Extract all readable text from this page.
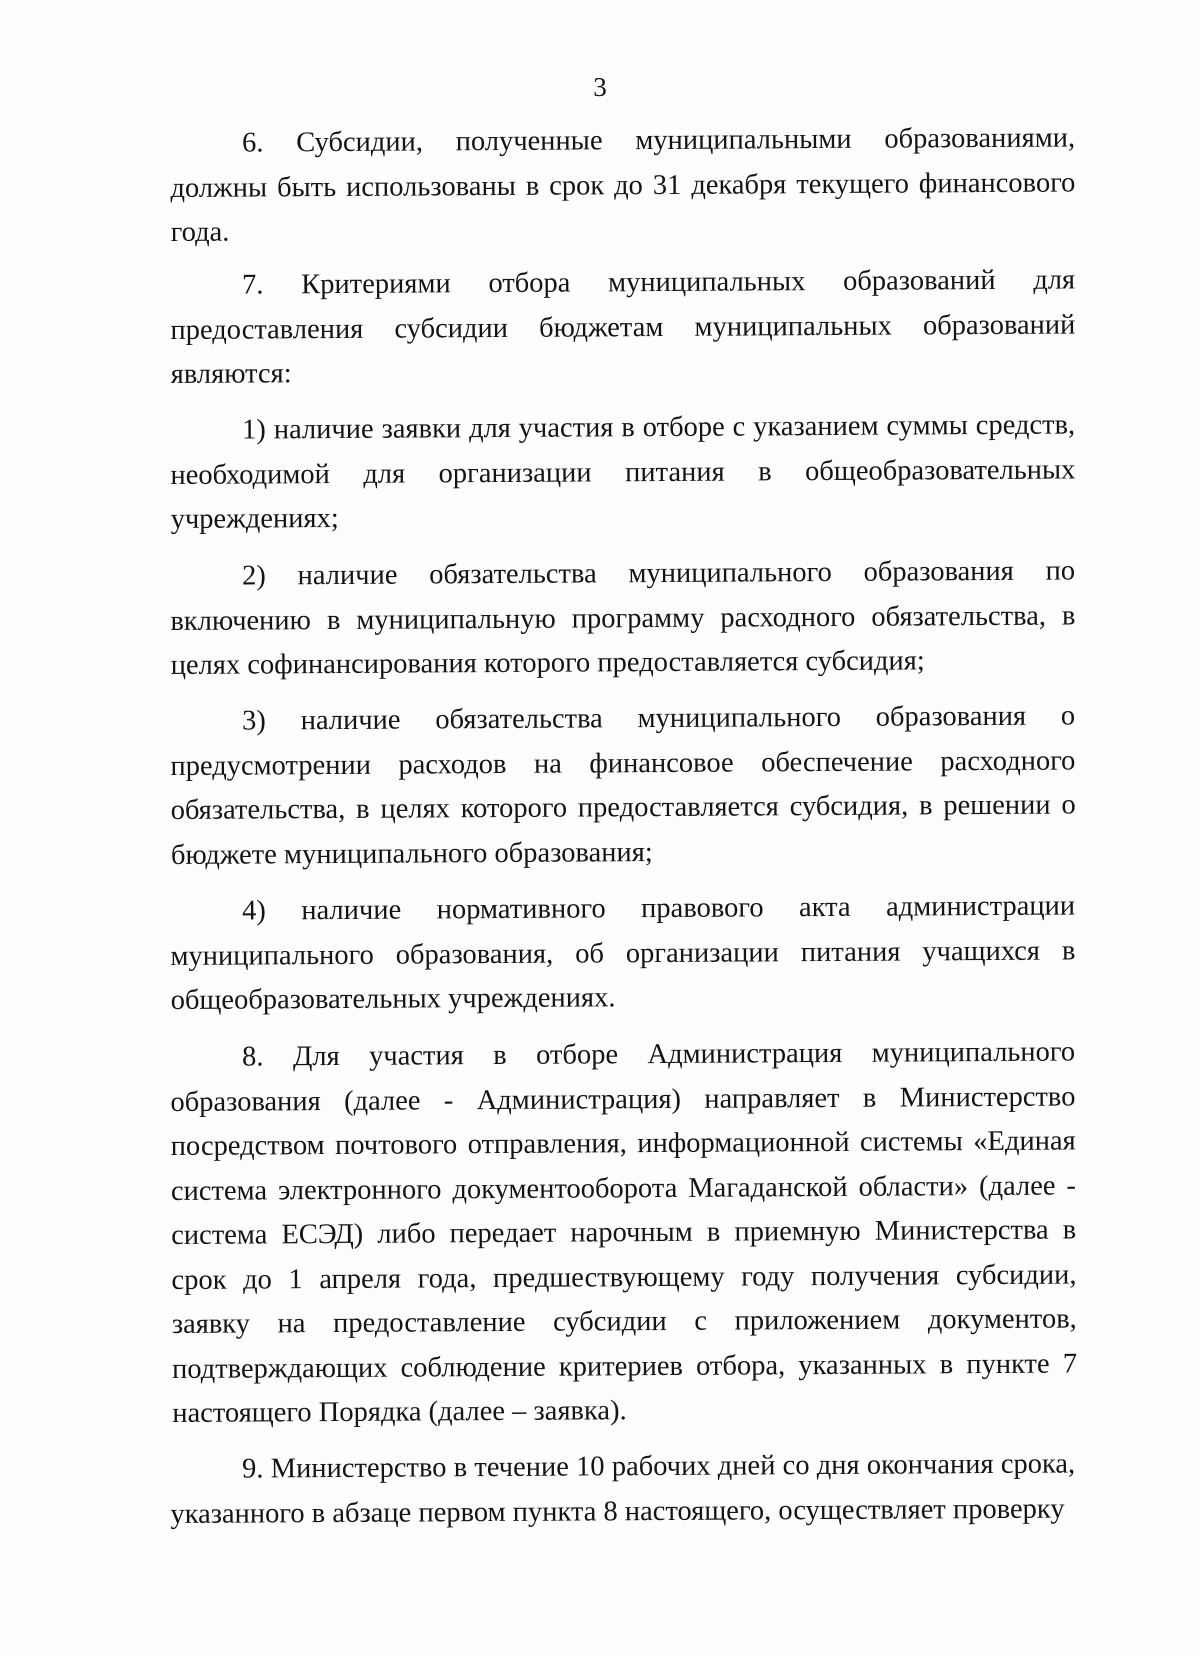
3

6. Субсидии, полученные муниципальными образованиями, должны быть использованы в срок до 31 декабря текущего финансового года.

7. Критериями отбора муниципальных образований для предоставления субсидии бюджетам муниципальных образований являются:

1) наличие заявки для участия в отборе с указанием суммы средств, необходимой для организации питания в общеобразовательных учреждениях;

2) наличие обязательства муниципального образования по включению в муниципальную программу расходного обязательства, в целях софинансирования которого предоставляется субсидия;

3) наличие обязательства муниципального образования о предусмотрении расходов на финансовое обеспечение расходного обязательства, в целях которого предоставляется субсидия, в решении о бюджете муниципального образования;

4) наличие нормативного правового акта администрации муниципального образования, об организации питания учащихся в общеобразовательных учреждениях.

8. Для участия в отборе Администрация муниципального образования (далее - Администрация) направляет в Министерство посредством почтового отправления, информационной системы «Единая система электронного документооборота Магаданской области» (далее - система ЕСЭД) либо передает нарочным в приемную Министерства в срок до 1 апреля года, предшествующему году получения субсидии, заявку на предоставление субсидии с приложением документов, подтверждающих соблюдение критериев отбора, указанных в пункте 7 настоящего Порядка (далее – заявка).

9. Министерство в течение 10 рабочих дней со дня окончания срока, указанного в абзаце первом пункта 8 настоящего, осуществляет проверку
